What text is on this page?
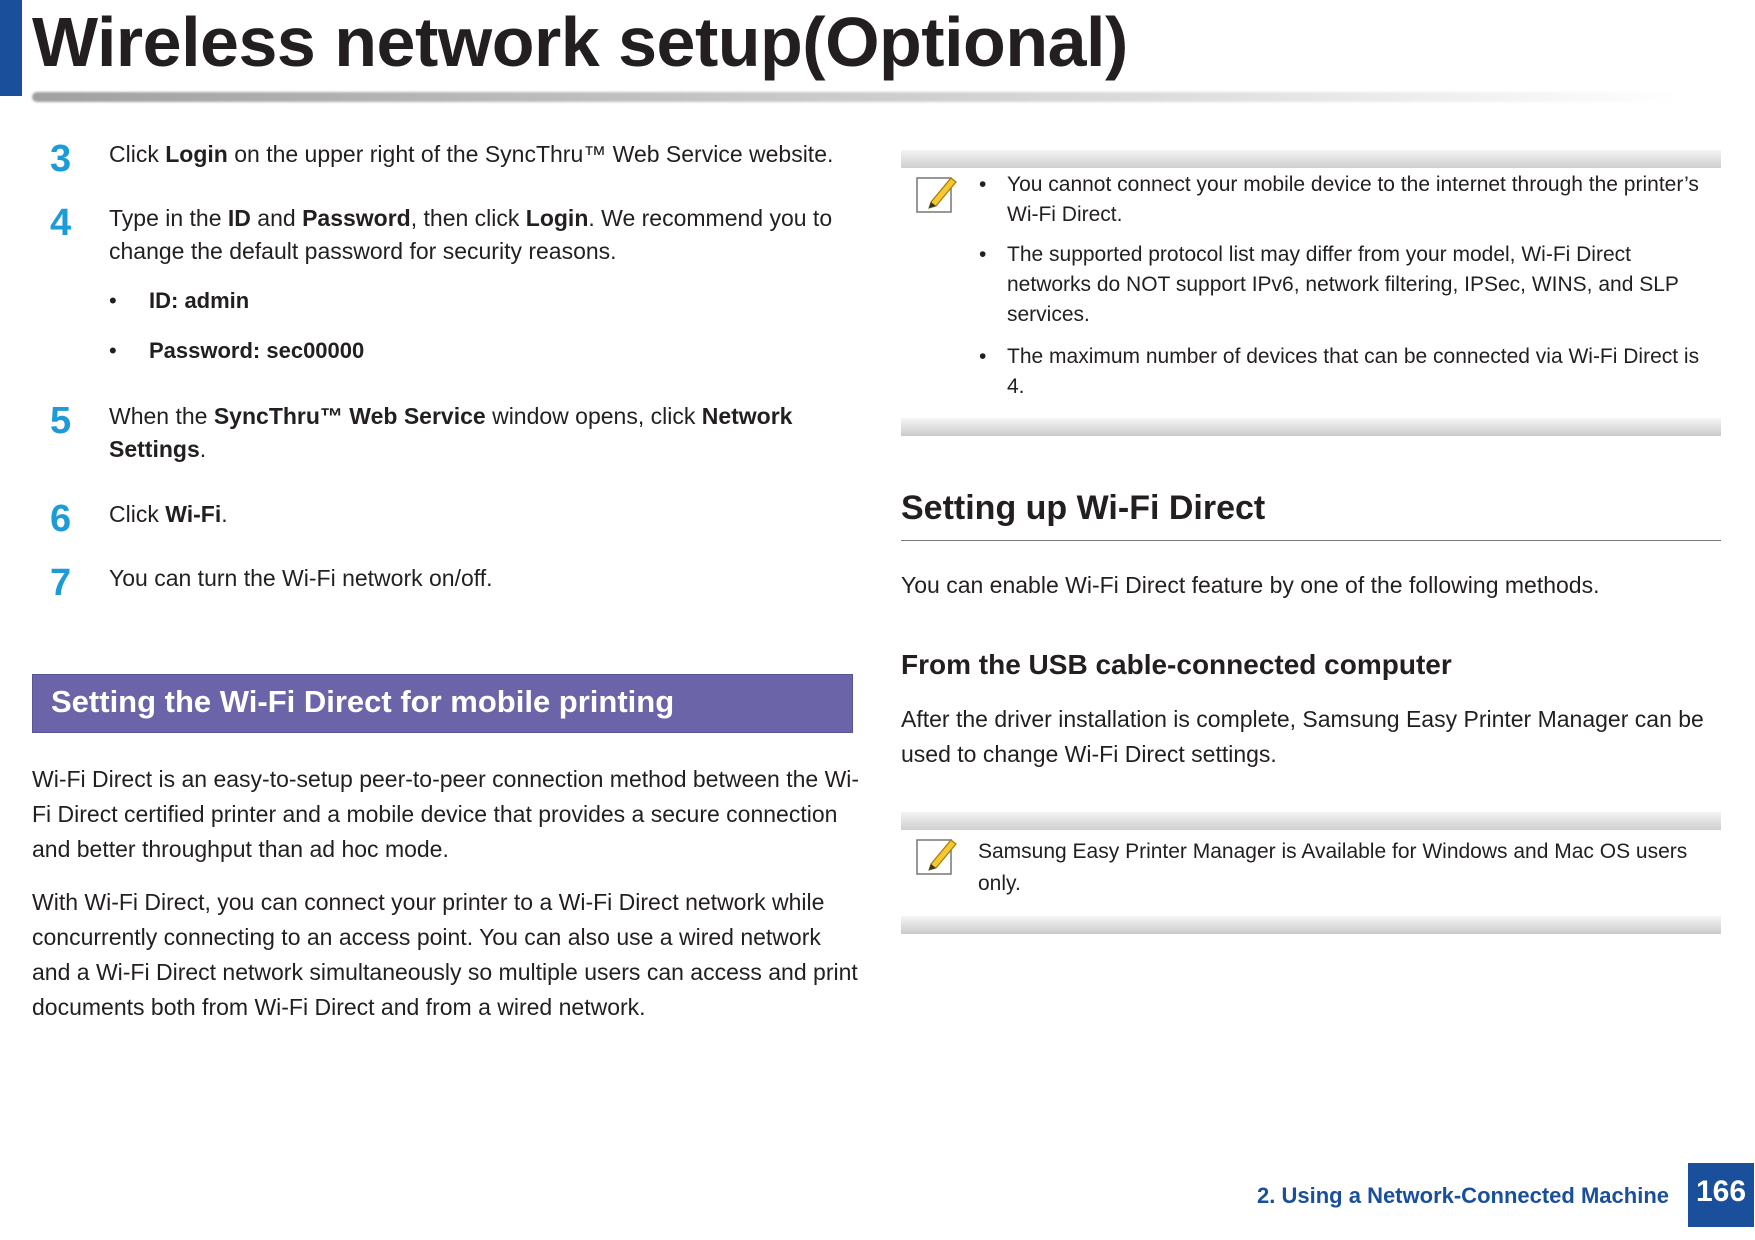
Wireless network setup(Optional)
3 Click Login on the upper right of the SyncThru™ Web Service website.
4 Type in the ID and Password, then click Login. We recommend you to change the default password for security reasons.
• ID: admin
• Password: sec00000
5 When the SyncThru™ Web Service window opens, click Network Settings.
6 Click Wi-Fi.
7 You can turn the Wi-Fi network on/off.
Setting the Wi-Fi Direct for mobile printing
Wi-Fi Direct is an easy-to-setup peer-to-peer connection method between the Wi-Fi Direct certified printer and a mobile device that provides a secure connection and better throughput than ad hoc mode.
With Wi-Fi Direct, you can connect your printer to a Wi-Fi Direct network while concurrently connecting to an access point. You can also use a wired network and a Wi-Fi Direct network simultaneously so multiple users can access and print documents both from Wi-Fi Direct and from a wired network.
• You cannot connect your mobile device to the internet through the printer’s Wi-Fi Direct.
• The supported protocol list may differ from your model, Wi-Fi Direct networks do NOT support IPv6, network filtering, IPSec, WINS, and SLP services.
• The maximum number of devices that can be connected via Wi-Fi Direct is 4.
Setting up Wi-Fi Direct
You can enable Wi-Fi Direct feature by one of the following methods.
From the USB cable-connected computer
After the driver installation is complete, Samsung Easy Printer Manager can be used to change Wi-Fi Direct settings.
Samsung Easy Printer Manager is Available for Windows and Mac OS users only.
2. Using a Network-Connected Machine 166
